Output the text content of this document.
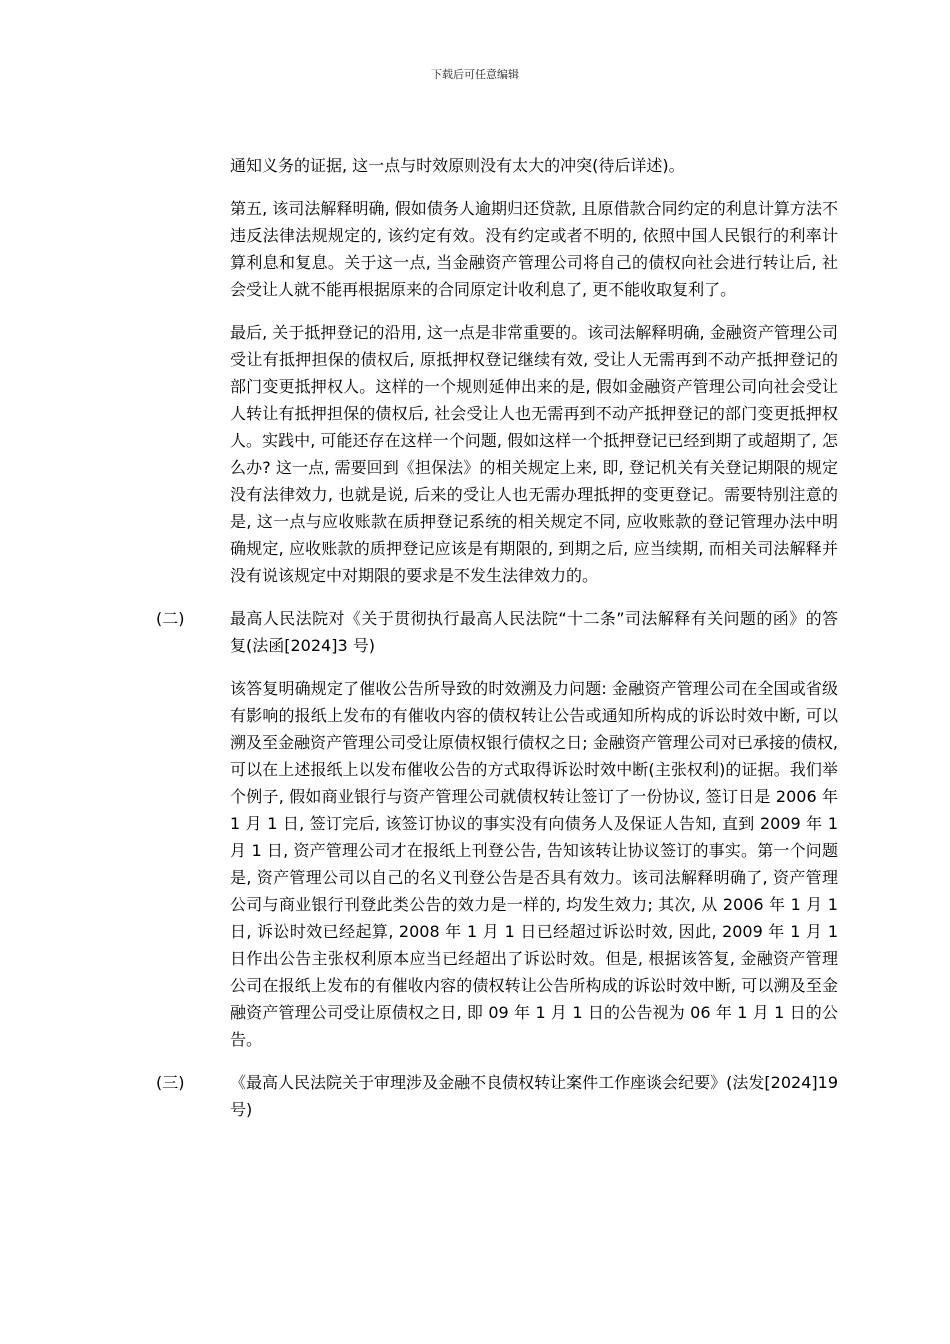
下载后可任意编辑
通知义务的证据, 这一点与时效原则没有太大的冲突(待后详述)。
第五, 该司法解释明确, 假如债务人逾期归还贷款, 且原借款合同约定的利息计算方法不违反法律法规规定的, 该约定有效。没有约定或者不明的, 依照中国人民银行的利率计算利息和复息。关于这一点, 当金融资产管理公司将自己的债权向社会进行转让后, 社会受让人就不能再根据原来的合同原定计收利息了, 更不能收取复利了。
最后, 关于抵押登记的沿用, 这一点是非常重要的。该司法解释明确, 金融资产管理公司受让有抵押担保的债权后, 原抵押权登记继续有效, 受让人无需再到不动产抵押登记的部门变更抵押权人。这样的一个规则延伸出来的是, 假如金融资产管理公司向社会受让人转让有抵押担保的债权后, 社会受让人也无需再到不动产抵押登记的部门变更抵押权人。实践中, 可能还存在这样一个问题, 假如这样一个抵押登记已经到期了或超期了, 怎么办? 这一点, 需要回到《担保法》的相关规定上来, 即, 登记机关有关登记期限的规定没有法律效力, 也就是说, 后来的受让人也无需办理抵押的变更登记。需要特别注意的是, 这一点与应收账款在质押登记系统的相关规定不同, 应收账款的登记管理办法中明确规定, 应收账款的质押登记应该是有期限的, 到期之后, 应当续期, 而相关司法解释并没有说该规定中对期限的要求是不发生法律效力的。
(二)	最高人民法院对《关于贯彻执行最高人民法院“十二条”司法解释有关问题的函》的答复(法函[2024]3 号)
该答复明确规定了催收公告所导致的时效溯及力问题: 金融资产管理公司在全国或省级有影响的报纸上发布的有催收内容的债权转让公告或通知所构成的诉讼时效中断, 可以溯及至金融资产管理公司受让原债权银行债权之日; 金融资产管理公司对已承接的债权, 可以在上述报纸上以发布催收公告的方式取得诉讼时效中断(主张权利)的证据。我们举个例子, 假如商业银行与资产管理公司就债权转让签订了一份协议, 签订日是 2006 年 1 月 1 日, 签订完后, 该签订协议的事实没有向债务人及保证人告知, 直到 2009 年 1 月 1 日, 资产管理公司才在报纸上刊登公告, 告知该转让协议签订的事实。第一个问题是, 资产管理公司以自己的名义刊登公告是否具有效力。该司法解释明确了, 资产管理公司与商业银行刊登此类公告的效力是一样的, 均发生效力; 其次, 从 2006 年 1 月 1 日, 诉讼时效已经起算, 2008 年 1 月 1 日已经超过诉讼时效, 因此, 2009 年 1 月 1 日作出公告主张权利原本应当已经超出了诉讼时效。但是, 根据该答复, 金融资产管理公司在报纸上发布的有催收内容的债权转让公告所构成的诉讼时效中断, 可以溯及至金融资产管理公司受让原债权之日, 即 09 年 1 月 1 日的公告视为 06 年 1 月 1 日的公告。
(三)	《最高人民法院关于审理涉及金融不良债权转让案件工作座谈会纪要》(法发[2024]19 号)
